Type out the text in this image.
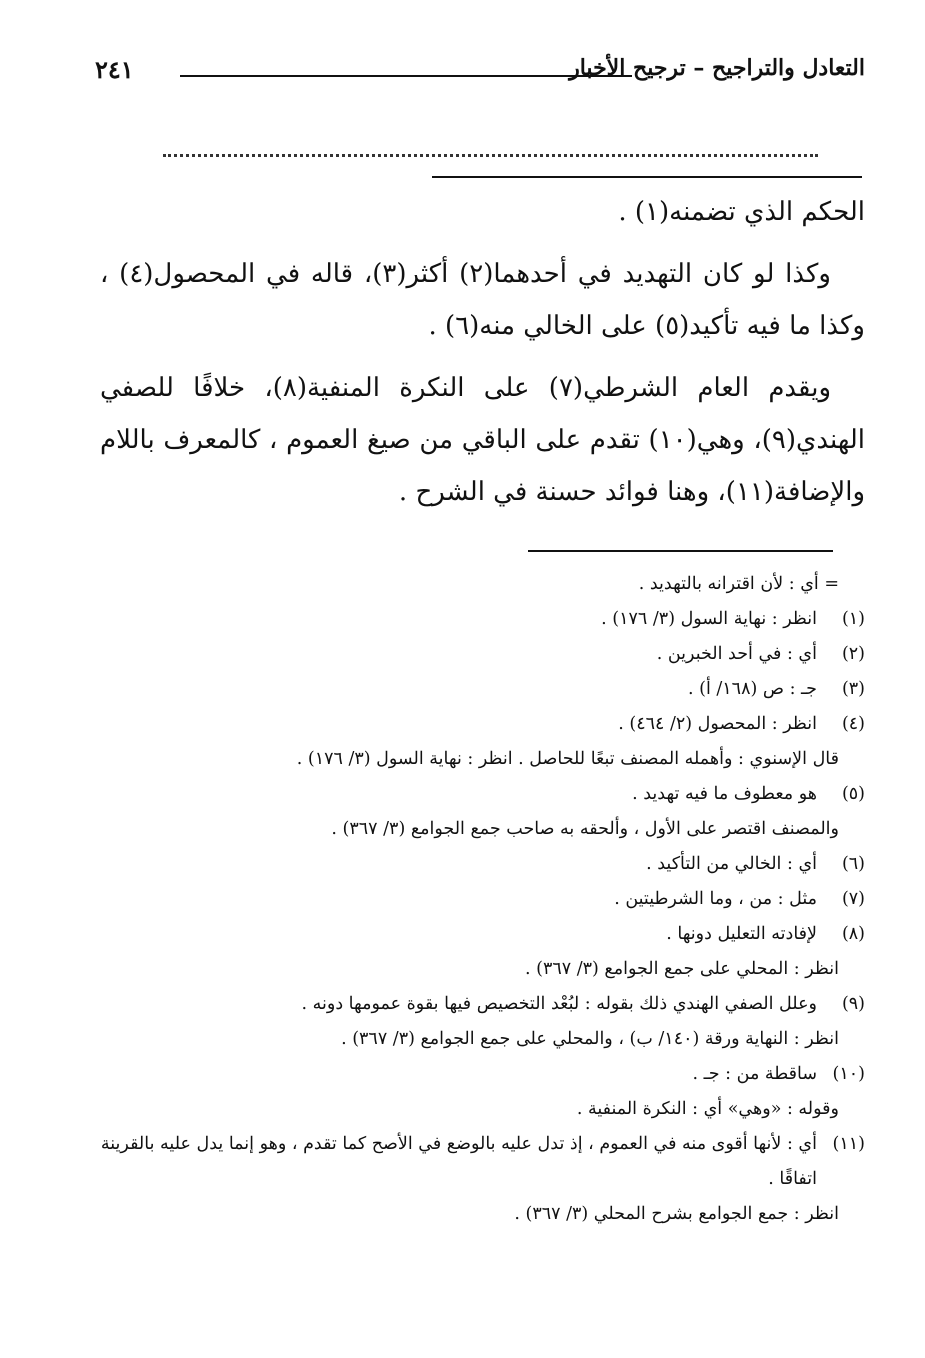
التعادل والتراجيح – ترجيح الأخبار
٢٤١

الحكم الذي تضمنه(١) .

وكذا لو كان التهديد في أحدهما(٢) أكثر(٣)، قاله في المحصول(٤) ، وكذا ما فيه تأكيد(٥) على الخالي منه(٦) .

ويقدم العام الشرطي(٧) على النكرة المنفية(٨)، خلافًا للصفي الهندي(٩)، وهي(١٠) تقدم على الباقي من صيغ العموم ، كالمعرف باللام والإضافة(١١)، وهنا فوائد حسنة في الشرح .

= أي : لأن اقترانه بالتهديد .
(١)
انظر : نهاية السول (٣/ ١٧٦) .
(٢)
أي : في أحد الخبرين .
(٣)
جـ : ص (١٦٨/ أ) .
(٤)
انظر : المحصول (٢/ ٤٦٤) .
قال الإسنوي : وأهمله المصنف تبعًا للحاصل . انظر : نهاية السول (٣/ ١٧٦) .
(٥)
هو معطوف ما فيه تهديد .
والمصنف اقتصر على الأول ، وألحقه به صاحب جمع الجوامع (٣/ ٣٦٧) .
(٦)
أي : الخالي من التأكيد .
(٧)
مثل : من ، وما الشرطيتين .
(٨)
لإفادته التعليل دونها .
انظر : المحلي على جمع الجوامع (٣/ ٣٦٧) .
(٩)
وعلل الصفي الهندي ذلك بقوله : لبُعْد التخصيص فيها بقوة عمومها دونه .
انظر : النهاية ورقة (١٤٠/ ب) ، والمحلي على جمع الجوامع (٣/ ٣٦٧) .
(١٠)
ساقطة من : جـ .
وقوله : «وهي» أي : النكرة المنفية .
(١١)
أي : لأنها أقوى منه في العموم ، إذ تدل عليه بالوضع في الأصح كما تقدم ، وهو إنما يدل عليه بالقرينة اتفاقًا .
انظر : جمع الجوامع بشرح المحلي (٣/ ٣٦٧) .
